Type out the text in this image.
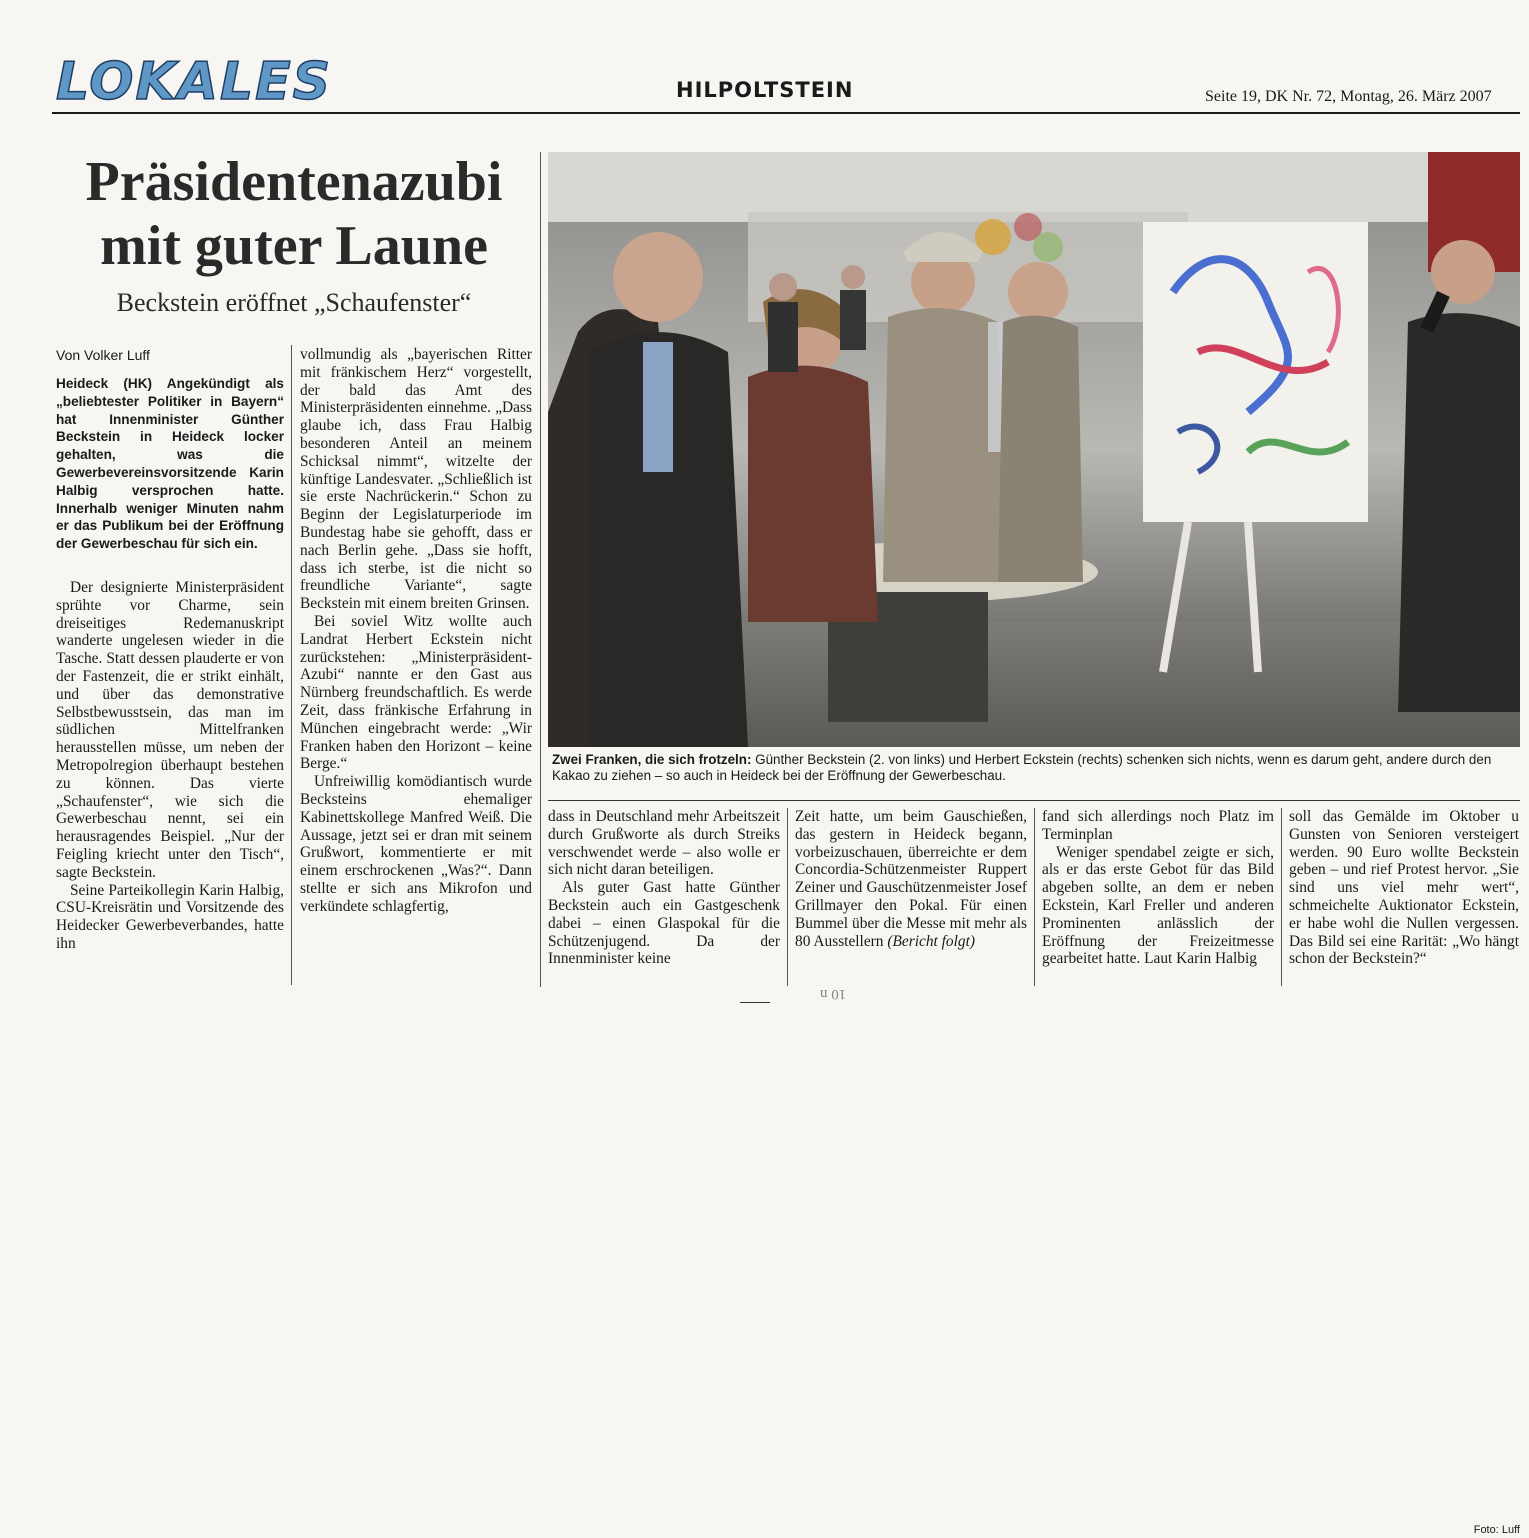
LOKALES	HILPOLTSTEIN	Seite 19, DK Nr. 72, Montag, 26. März 2007
Präsidentenazubi
mit guter Laune
Beckstein eröffnet „Schaufenster“
Von Volker Luff
Heideck (HK) Angekündigt als „beliebtester Politiker in Bayern“ hat Innenminister Günther Beckstein in Heideck locker gehalten, was die Gewerbevereinsvorsitzende Karin Halbig versprochen hatte. Innerhalb weniger Minuten nahm er das Publikum bei der Eröffnung der Gewerbeschau für sich ein.

Der designierte Ministerpräsident sprühte vor Charme, sein dreiseitiges Redemanuskript wanderte ungelesen wieder in die Tasche. Statt dessen plauderte er von der Fastenzeit, die er strikt einhält, und über das demonstrative Selbstbewusstsein, das man im südlichen Mittelfranken herausstellen müsse, um neben der Metropolregion überhaupt bestehen zu können. Das vierte „Schaufenster“, wie sich die Gewerbeschau nennt, sei ein herausragendes Beispiel. „Nur der Feigling kriecht unter den Tisch“, sagte Beckstein.

Seine Parteikollegin Karin Halbig, CSU-Kreisrätin und Vorsitzende des Heidecker Gewerbeverbandes, hatte ihn

vollmundig als „bayerischen Ritter mit fränkischem Herz“ vorgestellt, der bald das Amt des Ministerpräsidenten einnehme. „Dass glaube ich, dass Frau Halbig besonderen Anteil an meinem Schicksal nimmt“, witzelte der künftige Landesvater. „Schließlich ist sie erste Nachrückerin.“ Schon zu Beginn der Legislaturperiode im Bundestag habe sie gehofft, dass er nach Berlin gehe. „Dass sie hofft, dass ich sterbe, ist die nicht so freundliche Variante“, sagte Beckstein mit einem breiten Grinsen.

Bei soviel Witz wollte auch Landrat Herbert Eckstein nicht zurückstehen: „Ministerpräsident-Azubi“ nannte er den Gast aus Nürnberg freundschaftlich. Es werde Zeit, dass fränkische Erfahrung in München eingebracht werde: „Wir Franken haben den Horizont – keine Berge.“

Unfreiwillig komödiantisch wurde Becksteins ehemaliger Kabinettskollege Manfred Weiß. Die Aussage, jetzt sei er dran mit seinem Grußwort, kommentierte er mit einem erschrockenen „Was?“. Dann stellte er sich ans Mikrofon und verkündete schlagfertig,

Zwei Franken, die sich frotzeln: Günther Beckstein (2. von links) und Herbert Eckstein (rechts) schenken sich nichts, wenn es darum geht, andere durch den Kakao zu ziehen – so auch in Heideck bei der Eröffnung der Gewerbeschau.
Foto: Luff

dass in Deutschland mehr Arbeitszeit durch Grußworte als durch Streiks verschwendet werde – also wolle er sich nicht daran beteiligen.

Als guter Gast hatte Günther Beckstein auch ein Gastgeschenk dabei – einen Glaspokal für die Schützenjugend. Da der Innenminister keine

Zeit hatte, um beim Gauschießen, das gestern in Heideck begann, vorbeizuschauen, überreichte er dem Concordia-Schützenmeister Ruppert Zeiner und Gauschützenmeister Josef Grillmayer den Pokal. Für einen Bummel über die Messe mit mehr als 80 Ausstellern (Bericht folgt)

fand sich allerdings noch Platz im Terminplan

Weniger spendabel zeigte er sich, als er das erste Gebot für das Bild abgeben sollte, an dem er neben Eckstein, Karl Freller und anderen Prominenten anlässlich der Eröffnung der Freizeitmesse gearbeitet hatte. Laut Karin Halbig

soll das Gemälde im Oktober u Gunsten von Senioren versteigert werden. 90 Euro wollte Beckstein geben – und rief Protest hervor. „Sie sind uns viel mehr wert“, schmeichelte Auktionator Eckstein, er habe wohl die Nullen vergessen. Das Bild sei eine Rarität: „Wo hängt schon der Beckstein?“

10 n
